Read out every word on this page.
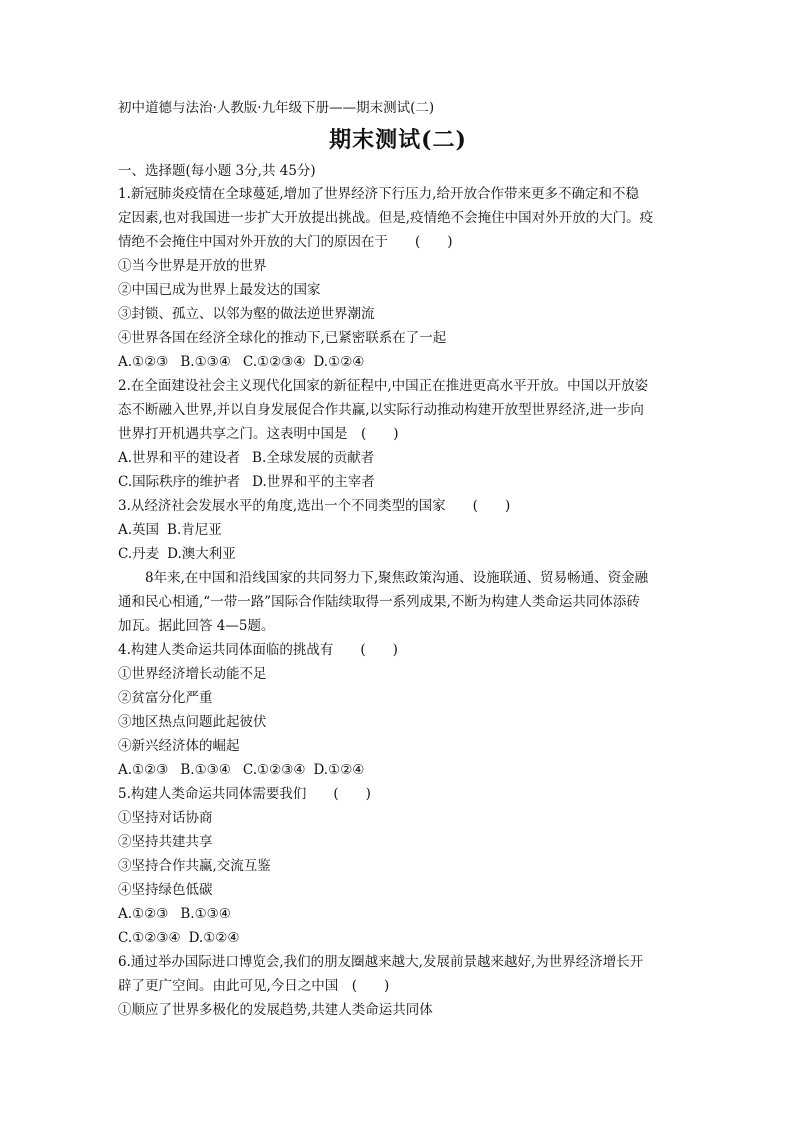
初中道德与法治·人教版·九年级下册——期末测试(二)

期末测试(二)

一、选择题(每小题 3分,共 45分)

1.新冠肺炎疫情在全球蔓延,增加了世界经济下行压力,给开放合作带来更多不确定和不稳

定因素,也对我国进一步扩大开放提出挑战。但是,疫情绝不会掩住中国对外开放的大门。疫

情绝不会掩住中国对外开放的大门的原因在于　　(　　)

①当今世界是开放的世界

②中国已成为世界上最发达的国家

③封锁、孤立、以邻为壑的做法逆世界潮流

④世界各国在经济全球化的推动下,已紧密联系在了一起

A.①②③ B.①③④ C.①②③④ D.①②④

2.在全面建设社会主义现代化国家的新征程中,中国正在推进更高水平开放。中国以开放姿

态不断融入世界,并以自身发展促合作共赢,以实际行动推动构建开放型世界经济,进一步向

世界打开机遇共享之门。这表明中国是　(　　)

A.世界和平的建设者 B.全球发展的贡献者

C.国际秩序的维护者 D.世界和平的主宰者

3.从经济社会发展水平的角度,选出一个不同类型的国家　　(　　)

A.英国 B.肯尼亚

C.丹麦 D.澳大利亚

8年来,在中国和沿线国家的共同努力下,聚焦政策沟通、设施联通、贸易畅通、资金融

通和民心相通,“一带一路”国际合作陆续取得一系列成果,不断为构建人类命运共同体添砖

加瓦。据此回答 4—5题。

4.构建人类命运共同体面临的挑战有　　(　　)

①世界经济增长动能不足

②贫富分化严重

③地区热点问题此起彼伏

④新兴经济体的崛起

A.①②③ B.①③④ C.①②③④ D.①②④

5.构建人类命运共同体需要我们　　(　　)

①坚持对话协商

②坚持共建共享

③坚持合作共赢,交流互鉴

④坚持绿色低碳

A.①②③ B.①③④

C.①②③④ D.①②④

6.通过举办国际进口博览会,我们的朋友圈越来越大,发展前景越来越好,为世界经济增长开

辟了更广空间。由此可见,今日之中国　(　　)

①顺应了世界多极化的发展趋势,共建人类命运共同体
